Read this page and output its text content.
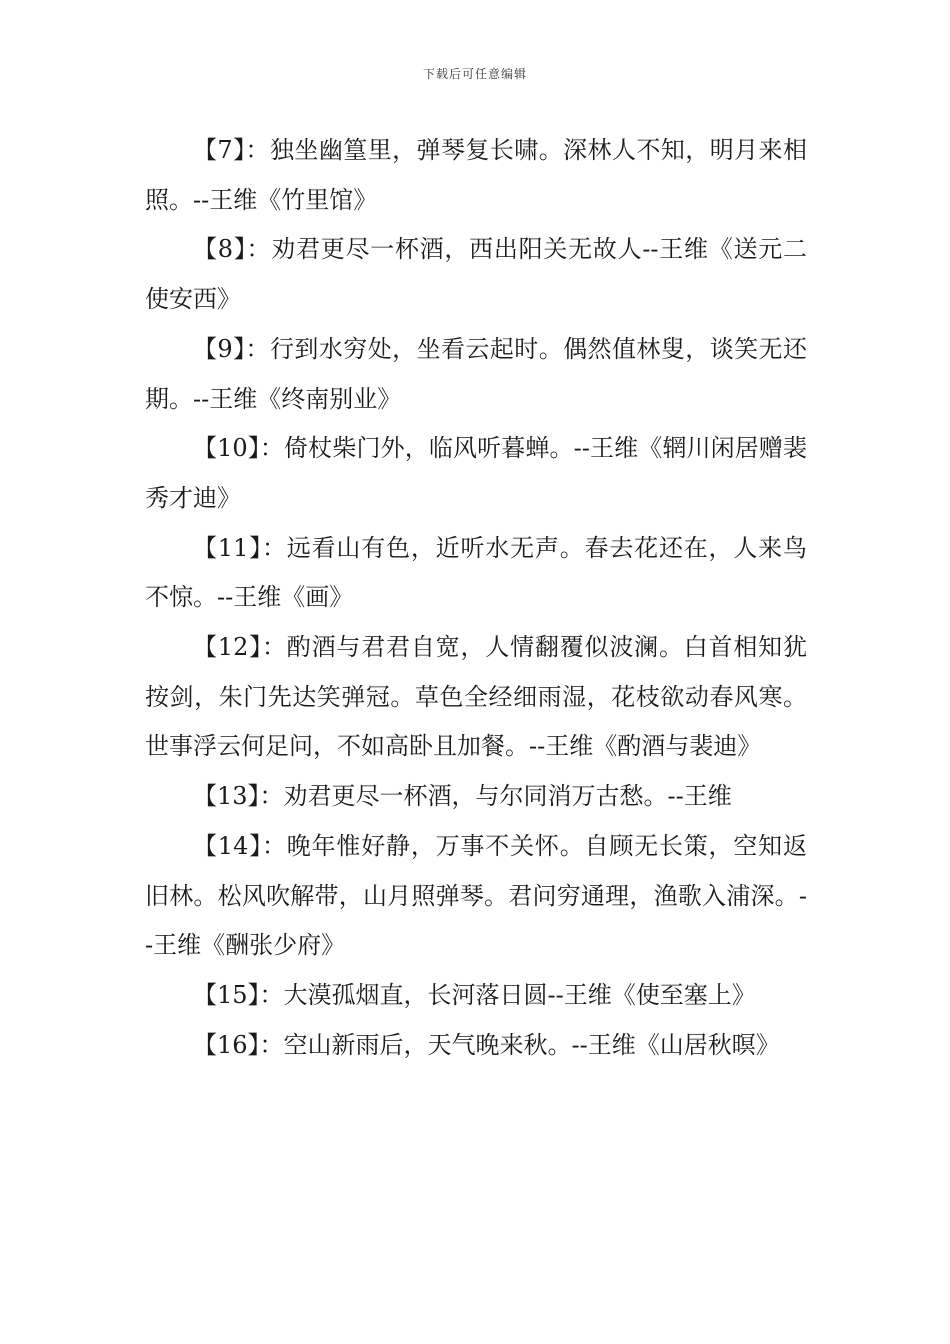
下载后可任意编辑

【7】：独坐幽篁里，弹琴复长啸。深林人不知，明月来相照。--王维《竹里馆》

【8】：劝君更尽一杯酒，西出阳关无故人--王维《送元二使安西》

【9】：行到水穷处，坐看云起时。偶然值林叟，谈笑无还期。--王维《终南别业》

【10】：倚杖柴门外，临风听暮蝉。--王维《辋川闲居赠裴秀才迪》

【11】：远看山有色，近听水无声。春去花还在，人来鸟不惊。--王维《画》

【12】：酌酒与君君自宽，人情翻覆似波澜。白首相知犹按剑，朱门先达笑弹冠。草色全经细雨湿，花枝欲动春风寒。世事浮云何足问，不如高卧且加餐。--王维《酌酒与裴迪》

【13】：劝君更尽一杯酒，与尔同消万古愁。--王维

【14】：晚年惟好静，万事不关怀。自顾无长策，空知返旧林。松风吹解带，山月照弹琴。君问穷通理，渔歌入浦深。--王维《酬张少府》

【15】：大漠孤烟直，长河落日圆--王维《使至塞上》

【16】：空山新雨后，天气晚来秋。--王维《山居秋暝》
